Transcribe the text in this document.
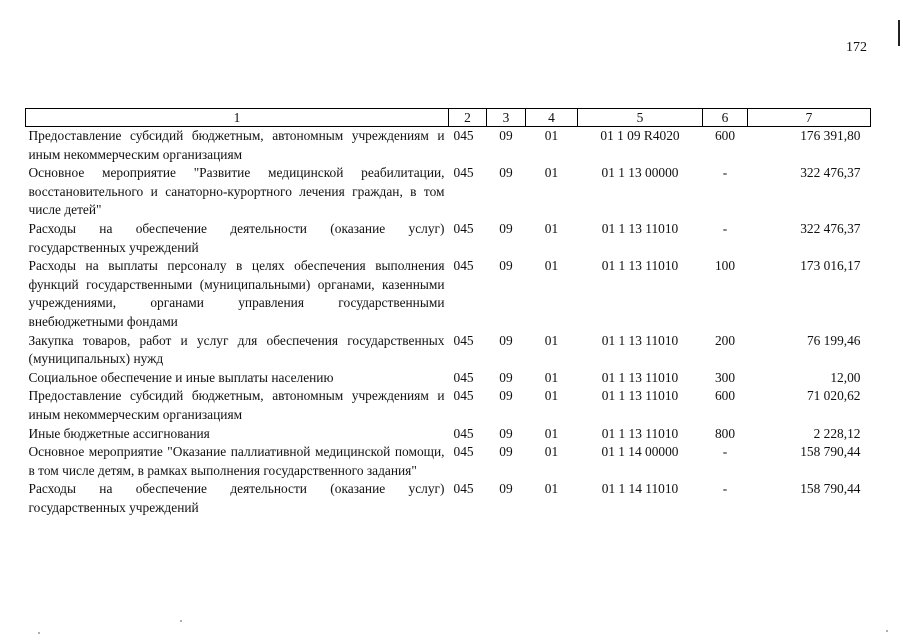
172
1	2	3	4	5	6	7
Предоставление субсидий бюджетным, автономным учреждениям и иным некоммерческим организациям	045	09	01	01 1 09 R4020	600	176 391,80
Основное мероприятие "Развитие медицинской реабилитации, восстановительного и санаторно-курортного лечения граждан, в том числе детей"	045	09	01	01 1 13 00000	-	322 476,37
Расходы на обеспечение деятельности (оказание услуг) государственных учреждений	045	09	01	01 1 13 11010	-	322 476,37
Расходы на выплаты персоналу в целях обеспечения выполнения функций государственными (муниципальными) органами, казенными учреждениями, органами управления государственными внебюджетными фондами	045	09	01	01 1 13 11010	100	173 016,17
Закупка товаров, работ и услуг для обеспечения государственных (муниципальных) нужд	045	09	01	01 1 13 11010	200	76 199,46
Социальное обеспечение и иные выплаты населению	045	09	01	01 1 13 11010	300	12,00
Предоставление субсидий бюджетным, автономным учреждениям и иным некоммерческим организациям	045	09	01	01 1 13 11010	600	71 020,62
Иные бюджетные ассигнования	045	09	01	01 1 13 11010	800	2 228,12
Основное мероприятие "Оказание паллиативной медицинской помощи, в том числе детям, в рамках выполнения государственного задания"	045	09	01	01 1 14 00000	-	158 790,44
Расходы на обеспечение деятельности (оказание услуг) государственных учреждений	045	09	01	01 1 14 11010	-	158 790,44
